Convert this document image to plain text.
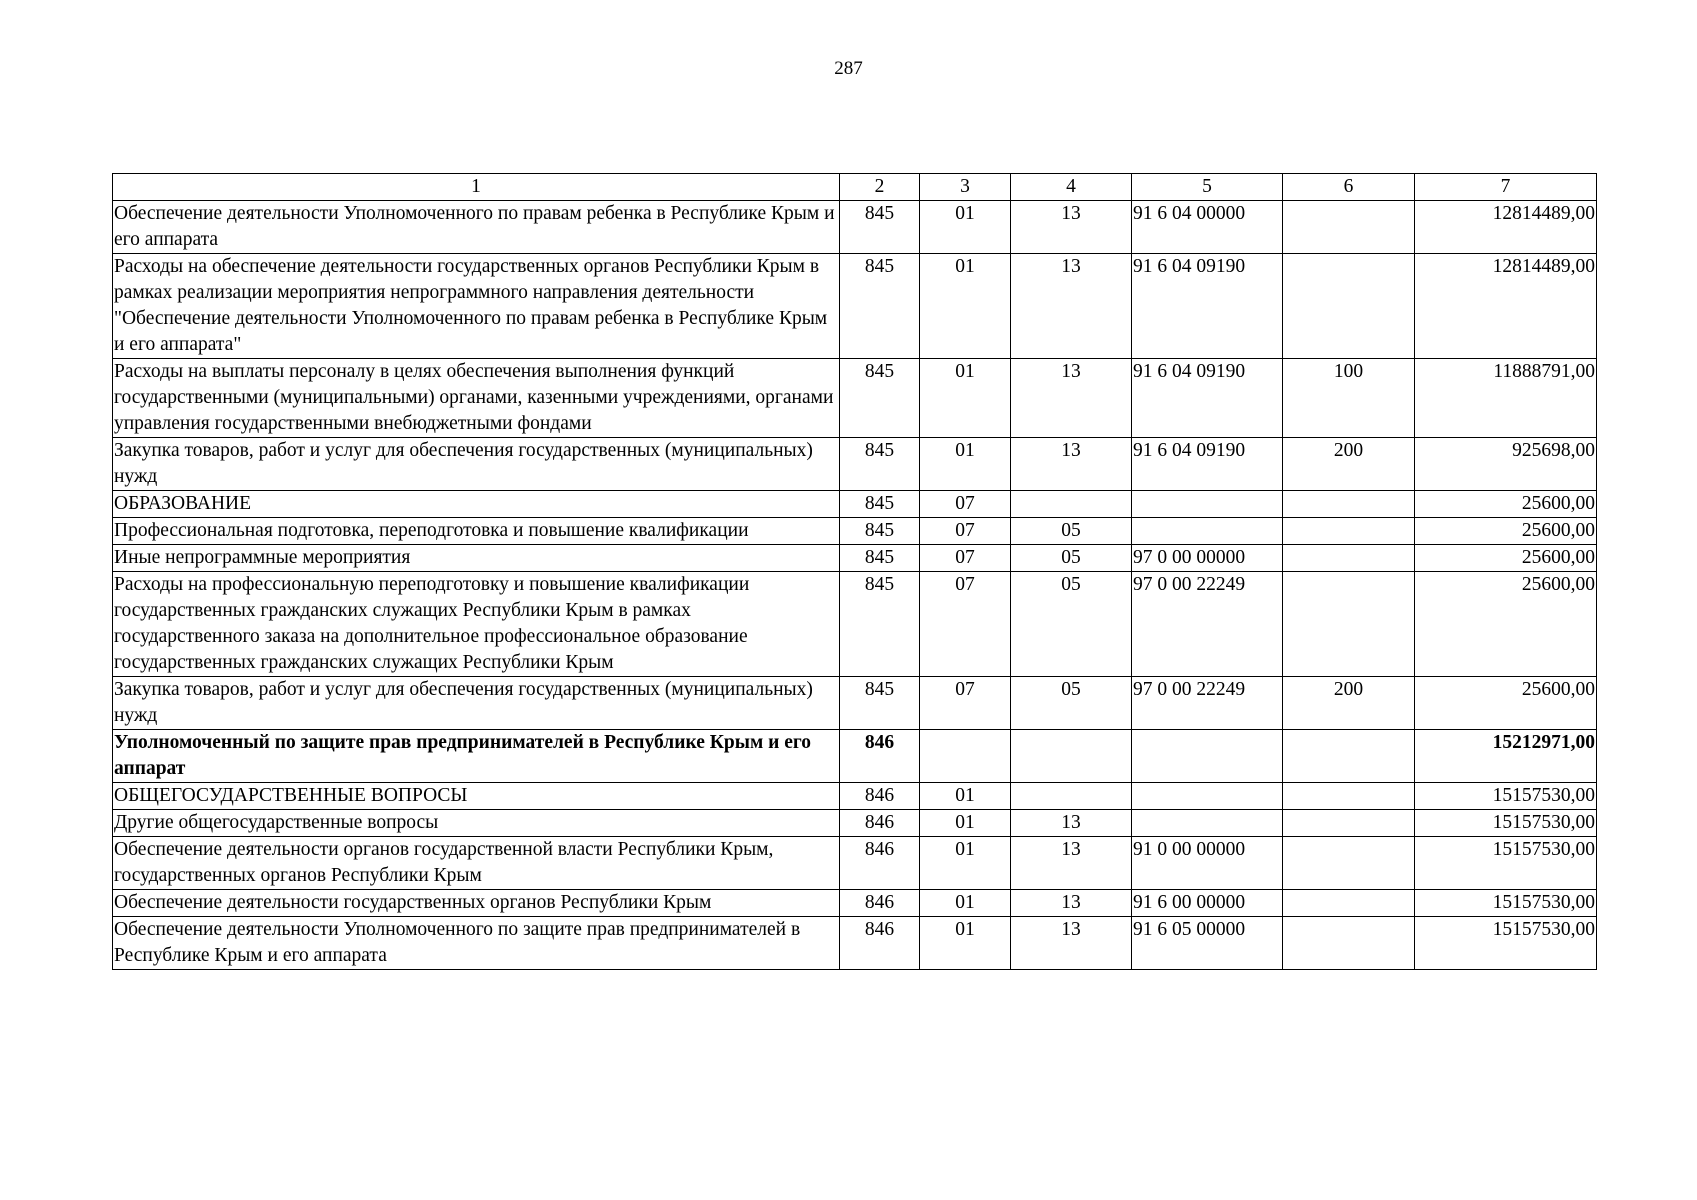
287
1	2	3	4	5	6	7
Обеспечение деятельности Уполномоченного по правам ребенка в Республике Крым и его аппарата	845	01	13	91 6 04 00000		12814489,00
Расходы на обеспечение деятельности государственных органов Республики Крым в рамках реализации мероприятия непрограммного направления деятельности "Обеспечение деятельности Уполномоченного по правам ребенка в Республике Крым и его аппарата"	845	01	13	91 6 04 09190		12814489,00
Расходы на выплаты персоналу в целях обеспечения выполнения функций государственными (муниципальными) органами, казенными учреждениями, органами управления государственными внебюджетными фондами	845	01	13	91 6 04 09190	100	11888791,00
Закупка товаров, работ и услуг для обеспечения государственных (муниципальных) нужд	845	01	13	91 6 04 09190	200	925698,00
ОБРАЗОВАНИЕ	845	07				25600,00
Профессиональная подготовка, переподготовка и повышение квалификации	845	07	05			25600,00
Иные непрограммные мероприятия	845	07	05	97 0 00 00000		25600,00
Расходы на профессиональную переподготовку и повышение квалификации государственных гражданских служащих Республики Крым в рамках государственного заказа на дополнительное профессиональное образование государственных гражданских служащих Республики Крым	845	07	05	97 0 00 22249		25600,00
Закупка товаров, работ и услуг для обеспечения государственных (муниципальных) нужд	845	07	05	97 0 00 22249	200	25600,00
Уполномоченный по защите прав предпринимателей в Республике Крым и его аппарат	846					15212971,00
ОБЩЕГОСУДАРСТВЕННЫЕ ВОПРОСЫ	846	01				15157530,00
Другие общегосударственные вопросы	846	01	13			15157530,00
Обеспечение деятельности органов государственной власти Республики Крым, государственных органов Республики Крым	846	01	13	91 0 00 00000		15157530,00
Обеспечение деятельности государственных органов Республики Крым	846	01	13	91 6 00 00000		15157530,00
Обеспечение деятельности Уполномоченного по защите прав предпринимателей в Республике Крым и его аппарата	846	01	13	91 6 05 00000		15157530,00
